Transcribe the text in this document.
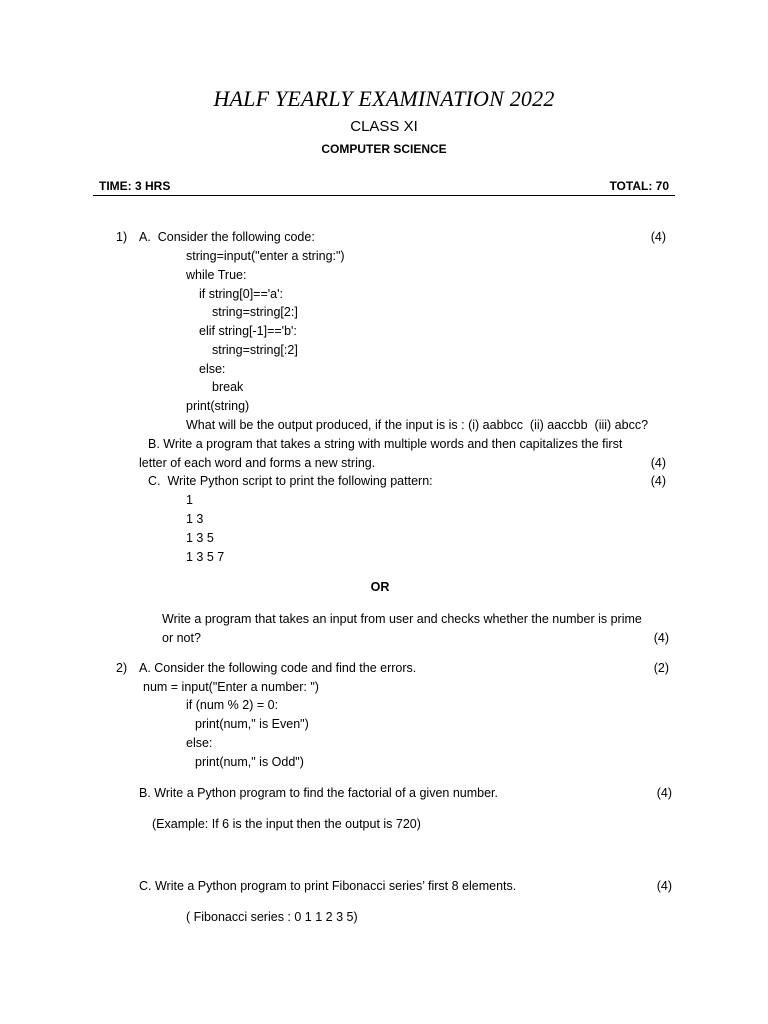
HALF YEARLY EXAMINATION 2022
CLASS XI
COMPUTER SCIENCE
TIME: 3 HRS	TOTAL: 70
1) A.  Consider the following code:	(4)
string=input("enter a string:")
while True:
if string[0]=='a':
string=string[2:]
elif string[-1]=='b':
string=string[:2]
else:
break
print(string)
What will be the output produced, if the input is is : (i) aabbcc  (ii) aaccbb  (iii) abcc?
B. Write a program that takes a string with multiple words and then capitalizes the first
letter of each word and forms a new string.	(4)
C.  Write Python script to print the following pattern:	(4)
1
1 3
1 3 5
1 3 5 7
OR
Write a program that takes an input from user and checks whether the number is prime
or not?	(4)
2) A. Consider the following code and find the errors.	(2)
num = input("Enter a number: ")
if (num % 2) = 0:
print(num," is Even")
else:
print(num," is Odd")
B. Write a Python program to find the factorial of a given number.	(4)
(Example: If 6 is the input then the output is 720)
C. Write a Python program to print Fibonacci series’ first 8 elements.	(4)
( Fibonacci series : 0 1 1 2 3 5)
